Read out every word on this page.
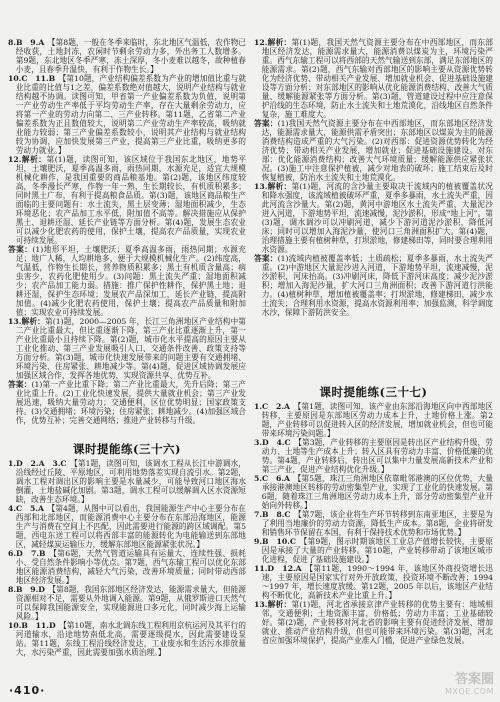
8.B　9.A 【第8题，一般在冬季来临时，东北地区气温低，农作物已经收获，土地封冻，农闲时节剩余劳动力多，外出务工人数增多。第9题，东北地区冬季严寒，冻土深厚，冬小麦难以越冬，故种植春小麦，且春季升温快，有利于作物生长。】

10.C　11.B 【第10题，产业结构偏差系数为产业的增加值比重与就业比重的比值与1之差，偏差系数绝对值越大，说明产业结构与就业结构越不协调。读图可知，甲省第一产业偏差系数为负值，说明第一产业劳动生产率低于平均劳动生产率，存在大量剩余劳动力，应将第一产业的劳动力向第二、三产业转移。第11题，乙省第二产业偏差系数为正且数值较大，说明第二产业劳动生产率较高，吸纳就业能力较弱；第三产业偏差系数较小，说明其产业结构与就业结构较为协调，应加快发展第三产业，提高第三产业比重，吸纳更多的劳动力就业。】

12.解析：第(1)题，读图可知，该区域位于我国东北地区，地势平坦，土壤肥沃，夏季高温多雨，雨热同期，水源充足，适宜大规模机械化耕作，是我国重要的商品粮基地。第(2)题，该地区纬度较高，冬季漫长严寒，作物一年一熟，生长期较长，有机质积累多；同时黑土广布，有利于提高粮食品质。第(3)题，该地区商品粮生产面临的主要问题有：水土流失，黑土层变薄；湿地面积减少，生态环境恶化；农产品加工水平低，附加值不高等。解决措施应从保护黑土、退耕还湿、延长产业链等方面分析。第(4)题，发展生态农业可以减少化肥农药的使用，保护土壤，提高农产品质量，实现农业可持续发展。

答案：(1)地形平坦，土壤肥沃；夏季高温多雨，雨热同期；水源充足；地广人稀，人均耕地多，便于大规模机械化生产。(2)纬度高，气温低，作物生长期长，营养物质积累多；黑土有机质含量高；病虫害少，农药化肥使用少。(3)问题：黑土流失严重；湿地面积减少；农产品加工能力弱。措施：推广保护性耕作，保护黑土地；退耕还湿，保护生态环境；发展农产品深加工，延长产业链，提高附加值。(4)减少化肥农药使用，保护土壤；提高农产品质量和附加值；实现农业可持续发展。

13.解析：第(1)题，2000—2005 年，长江三角洲地区产业结构中第二产业比重最大，但比重逐渐下降，第三产业比重逐渐上升，第一产业比重最小且持续下降。第(2)题，城市化水平提高的原因主要从工业化推动、第三产业发展吸引人口、交通条件改善、政策支持等方面分析。第(3)题，城市化快速发展带来的问题主要有交通拥堵、环境污染、住房紧张、耕地减少等。第(4)题，促进区域协调发展应加强区域合作，发挥各地优势，实现资源共享、优势互补。

答案：(1)第一产业比重下降；第二产业比重最大，先升后降；第三产业比重上升。(2)工业化快速发展，提供大量就业机会；第三产业发展迅速，吸纳大量劳动力；交通便利，区位优势明显；国家政策支持。(3)交通拥堵；环境污染；住房紧张；耕地减少。(4)加强区域合作，优势互补；完善交通网络；推进产业转移与升级。

课时提能练(三十六)

1.D　2.A　3.C 【第1题，读图可知，该调水工程从长江中游调水，沿线经过丘陵、平原地区，可利用地势落差实现自流引水。第2题，调水工程对调出区的影响主要是水量减少，可能导致河口地区海水倒灌，土地盐碱化加剧。第3题，调水工程可以缓解调入区水资源短缺，改善生态环境。】

4.C　5.A 【第4题，从图中可以看出，我国能源生产中心主要分布在西部和北部地区，而能源消费中心主要分布在东部沿海地区，能源生产与消费在空间上不匹配，因此需要进行能源的跨区域调配。第5题，西电东送工程可以将西部丰富的能源转化为电能输送到东部地区，减轻煤炭运输压力，缓解东部地区能源紧张状况。】

6.D　7.B 【第6题，天然气管道运输具有运量大、连续性强、损耗小、受自然条件影响小等优点。第7题，西气东输工程可以优化东部地区能源消费结构，减轻大气污染，改善环境质量；同时带动西部地区经济发展。】

8.B　9.D 【第8题，我国东部地区经济发达，能源需求量大，但能源资源相对不足，需要从外地调入能源。第9题，从俄罗斯进口天然气可以保障我国能源安全，实现能源进口多元化，同时减少海上运输风险。】

10.B　11.D 【第10题，南水北调东线工程利用京杭运河及其平行的河道输水，沿途地势南低北高，需要逐级提水，因此需要建设泵站。第11题，东线工程沿线经济发达，工业废水和生活污水排放量大，水污染严重，因此需要加强水质治理。】

12.解析：第(1)题，我国天然气资源主要分布在中西部地区，而东部地区经济发达，能源需求量大，能源消费以煤炭为主，环境污染严重。西气东输工程可以将西部的天然气输送到东部，满足东部地区的能源需求。第(2)题，西气东输对西部地区的影响主要从资源优势转化为经济优势、带动相关产业发展、增加就业机会、促进基础设施建设等方面分析；对东部地区的影响从优化能源消费结构、改善大气质量、缓解能源紧张等方面分析。第(3)题，管道建设过程中应注意保护沿线的生态环境，防止水土流失和土地荒漠化，沿线地区自然条件复杂，施工难度大。

答案：(1)我国天然气资源主要分布在中西部地区，而东部地区经济发达，能源需求量大，能源供需矛盾突出；东部地区以煤炭为主的能源消费结构造成严重的大气污染。(2)对西部：促进资源优势转化为经济优势；带动相关产业发展，增加就业；促进基础设施建设。对东部：优化能源消费结构；改善大气环境质量；缓解能源供应紧张状况。(3)施工中注意保护植被，减少对地表的破坏；施工结束后及时恢复植被，防治水土流失和土地荒漠化。

13.解析：第(1)题，河流的含沙量主要取决于流域内的植被覆盖状况和降水强度，该流域植被破坏严重，夏季多暴雨，水土流失严重，因此河流含沙量大。第(2)题，黄河中游地区水土流失严重，大量泥沙进入河道，下游地势平坦，流速减慢，泥沙淤积，形成“地上河”。第(3)题，调水调沙可以冲刷河道，减少下游河道泥沙淤积，降低河床；同时可以增加入海泥沙量，使河口三角洲面积扩大。第(4)题，治理措施主要有植树种草，打坝淤地，修建梯田等，同时要合理利用水资源。

答案：(1)流域内植被覆盖率低；土质疏松；夏季多暴雨，水土流失严重。(2)中游地区大量泥沙进入河道，下游地势平坦，流速减慢，泥沙淤积，河床抬高。(3)冲刷河床，降低下游河床高度；减少泥沙淤积；增加入海泥沙量，扩大河口三角洲面积；改善下游河道行洪能力。(4)植树种草，增加植被覆盖率；打坝淤地，修建梯田，减少水土流失；合理利用水资源，提高水资源利用率；加强监测，科学调度水沙，保障下游防洪安全。

课时提能练(三十七)

1.C　2.A 【第1题，读图可知，该产业由东部沿海地区向中西部地区转移，主要原因是东部地区劳动力成本上升，土地价格上涨。第2题，产业转移可以促进转入区的经济发展，增加就业机会，但也可能带来环境污染问题。】

3.D　4.C 【第3题，产业转移的主要原因是转出区产业结构升级，劳动力、土地等生产成本上升；转入区具有劳动力丰富、价格低廉的优势。第4题，产业转移后，转出区可以集中力量发展高新技术产业和第三产业，促进产业结构优化升级。】

5.C　6.A 【第5题，珠江三角洲地区依靠毗邻港澳的区位优势，大量承接港澳地区转移的劳动密集型产业，实现了工业化的快速发展。第6题，随着珠江三角洲地区劳动力成本上升，部分劳动密集型产业开始向外转移。】

7.B　8.C 【第7题，该企业将生产环节转移到东南亚地区，主要是为了利用当地廉价的劳动力资源，降低生产成本。第8题，企业将研发和销售环节保留在本国，有利于保持技术优势和市场优势。】

9.B　10.C 【第9题，图示时期该地区工业总产值增长较快，主要原因是承接了大量的产业转移。第10题，产业转移带动了该地区城市化进程，促进了基础设施建设。】

11.D　12.A 【第11题，1990～1994 年，该地区外商投资增长迅速，主要原因是国家实行对外开放政策，投资环境不断改善；1994～1997 年，增长速度放缓。第12题，2005 年以后，该地区产业结构不断优化，高新技术产业比重上升。】

13.解析：第(1)题，河北省承接京津产业转移的优势主要有：地域相邻，交通便利；土地资源丰富，价格低；劳动力丰富；工业基础较好。第(2)题，产业转移对河北省的影响主要有促进经济发展、增加就业、推动产业结构升级，但也可能带来环境污染。第(3)题，河北省应加强环境保护，提高产业准入门槛，促进产业绿色发展。

·410·
答案圈
MXQE.COM
